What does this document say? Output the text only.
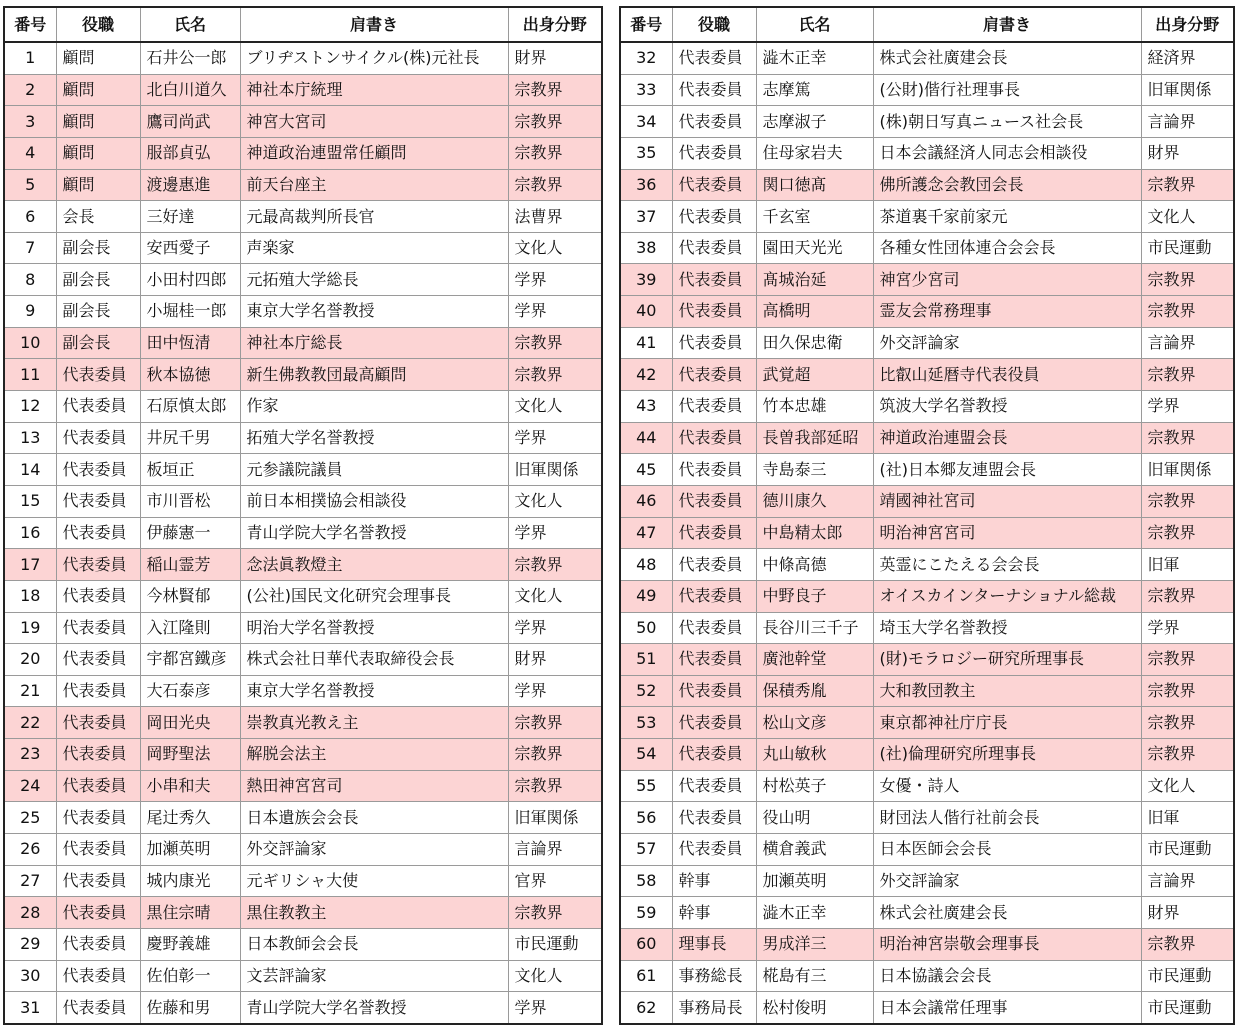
番号	役職	氏名	肩書き	出身分野
1	顧問	石井公一郎	ブリヂストンサイクル(株)元社長	財界
2	顧問	北白川道久	神社本庁統理	宗教界
3	顧問	鷹司尚武	神宮大宮司	宗教界
4	顧問	服部貞弘	神道政治連盟常任顧問	宗教界
5	顧問	渡邊惠進	前天台座主	宗教界
6	会長	三好達	元最高裁判所長官	法曹界
7	副会長	安西愛子	声楽家	文化人
8	副会長	小田村四郎	元拓殖大学総長	学界
9	副会長	小堀桂一郎	東京大学名誉教授	学界
10	副会長	田中恆清	神社本庁総長	宗教界
11	代表委員	秋本協徳	新生佛教教団最高顧問	宗教界
12	代表委員	石原慎太郎	作家	文化人
13	代表委員	井尻千男	拓殖大学名誉教授	学界
14	代表委員	板垣正	元参議院議員	旧軍関係
15	代表委員	市川晋松	前日本相撲協会相談役	文化人
16	代表委員	伊藤憲一	青山学院大学名誉教授	学界
17	代表委員	稲山霊芳	念法眞教燈主	宗教界
18	代表委員	今林賢郁	(公社)国民文化研究会理事長	文化人
19	代表委員	入江隆則	明治大学名誉教授	学界
20	代表委員	宇都宮鐵彦	株式会社日華代表取締役会長	財界
21	代表委員	大石泰彦	東京大学名誉教授	学界
22	代表委員	岡田光央	崇教真光教え主	宗教界
23	代表委員	岡野聖法	解脱会法主	宗教界
24	代表委員	小串和夫	熱田神宮宮司	宗教界
25	代表委員	尾辻秀久	日本遺族会会長	旧軍関係
26	代表委員	加瀬英明	外交評論家	言論界
27	代表委員	城内康光	元ギリシャ大使	官界
28	代表委員	黒住宗晴	黒住教教主	宗教界
29	代表委員	慶野義雄	日本教師会会長	市民運動
30	代表委員	佐伯彰一	文芸評論家	文化人
31	代表委員	佐藤和男	青山学院大学名誉教授	学界
番号	役職	氏名	肩書き	出身分野
32	代表委員	澁木正幸	株式会社廣建会長	経済界
33	代表委員	志摩篤	(公財)偕行社理事長	旧軍関係
34	代表委員	志摩淑子	(株)朝日写真ニュース社会長	言論界
35	代表委員	住母家岩夫	日本会議経済人同志会相談役	財界
36	代表委員	関口徳髙	佛所護念会教団会長	宗教界
37	代表委員	千玄室	茶道裏千家前家元	文化人
38	代表委員	園田天光光	各種女性団体連合会会長	市民運動
39	代表委員	髙城治延	神宮少宮司	宗教界
40	代表委員	高橋明	霊友会常務理事	宗教界
41	代表委員	田久保忠衛	外交評論家	言論界
42	代表委員	武覚超	比叡山延暦寺代表役員	宗教界
43	代表委員	竹本忠雄	筑波大学名誉教授	学界
44	代表委員	長曽我部延昭	神道政治連盟会長	宗教界
45	代表委員	寺島泰三	(社)日本郷友連盟会長	旧軍関係
46	代表委員	德川康久	靖國神社宮司	宗教界
47	代表委員	中島精太郎	明治神宮宮司	宗教界
48	代表委員	中條高德	英霊にこたえる会会長	旧軍
49	代表委員	中野良子	オイスカインターナショナル総裁	宗教界
50	代表委員	長谷川三千子	埼玉大学名誉教授	学界
51	代表委員	廣池幹堂	(財)モラロジー研究所理事長	宗教界
52	代表委員	保積秀胤	大和教団教主	宗教界
53	代表委員	松山文彦	東京都神社庁庁長	宗教界
54	代表委員	丸山敏秋	(社)倫理研究所理事長	宗教界
55	代表委員	村松英子	女優・詩人	文化人
56	代表委員	役山明	財団法人偕行社前会長	旧軍
57	代表委員	横倉義武	日本医師会会長	市民運動
58	幹事	加瀬英明	外交評論家	言論界
59	幹事	澁木正幸	株式会社廣建会長	財界
60	理事長	男成洋三	明治神宮崇敬会理事長	宗教界
61	事務総長	椛島有三	日本協議会会長	市民運動
62	事務局長	松村俊明	日本会議常任理事	市民運動
